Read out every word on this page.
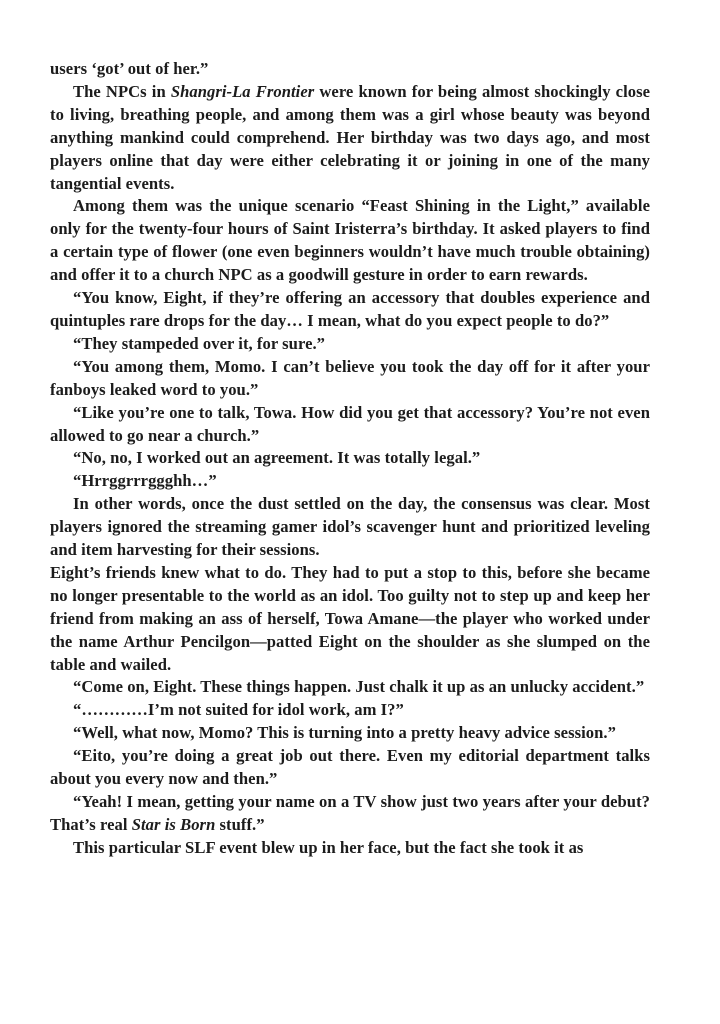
users ‘got’ out of her.”

The NPCs in Shangri-La Frontier were known for being almost shockingly close to living, breathing people, and among them was a girl whose beauty was beyond anything mankind could comprehend. Her birthday was two days ago, and most players online that day were either celebrating it or joining in one of the many tangential events.

Among them was the unique scenario “Feast Shining in the Light,” available only for the twenty-four hours of Saint Iristerra’s birthday. It asked players to find a certain type of flower (one even beginners wouldn’t have much trouble obtaining) and offer it to a church NPC as a goodwill gesture in order to earn rewards.

“You know, Eight, if they’re offering an accessory that doubles experience and quintuples rare drops for the day… I mean, what do you expect people to do?”

“They stampeded over it, for sure.”

“You among them, Momo. I can’t believe you took the day off for it after your fanboys leaked word to you.”

“Like you’re one to talk, Towa. How did you get that accessory? You’re not even allowed to go near a church.”

“No, no, I worked out an agreement. It was totally legal.”

“Hrrggrrrggghh…”

In other words, once the dust settled on the day, the consensus was clear. Most players ignored the streaming gamer idol’s scavenger hunt and prioritized leveling and item harvesting for their sessions.

Eight’s friends knew what to do. They had to put a stop to this, before she became no longer presentable to the world as an idol. Too guilty not to step up and keep her friend from making an ass of herself, Towa Amane—the player who worked under the name Arthur Pencilgon—patted Eight on the shoulder as she slumped on the table and wailed.

“Come on, Eight. These things happen. Just chalk it up as an unlucky accident.”

“…………I’m not suited for idol work, am I?”

“Well, what now, Momo? This is turning into a pretty heavy advice session.”

“Eito, you’re doing a great job out there. Even my editorial department talks about you every now and then.”

“Yeah! I mean, getting your name on a TV show just two years after your debut? That’s real Star is Born stuff.”

This particular SLF event blew up in her face, but the fact she took it as
